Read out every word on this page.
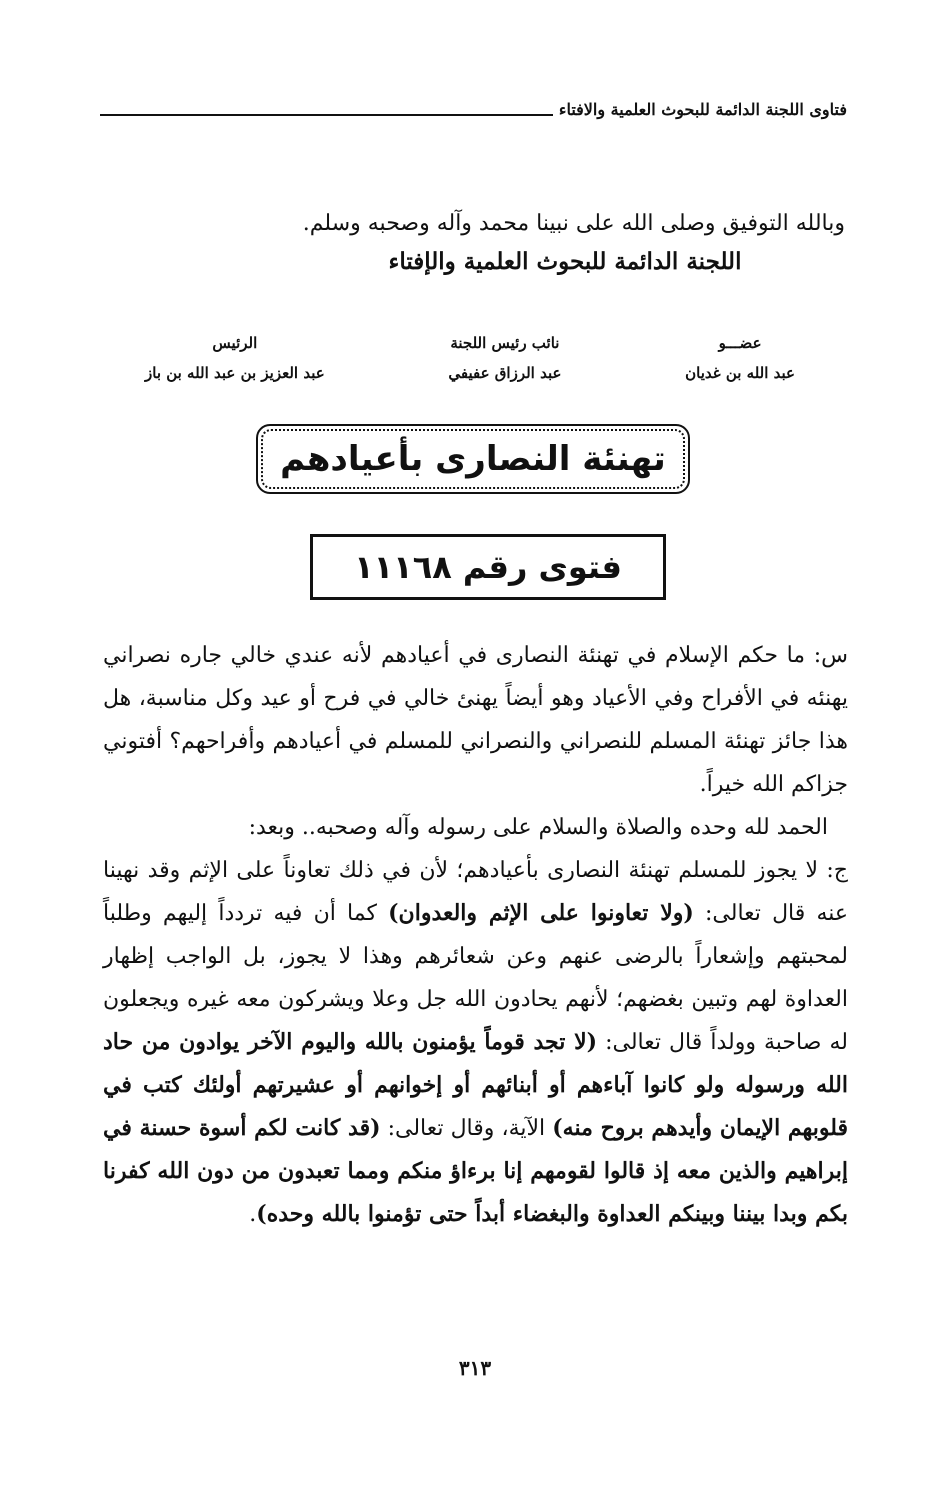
فتاوى اللجنة الدائمة للبحوث العلمية والافتاء
وبالله التوفيق وصلى الله على نبينا محمد وآله وصحبه وسلم.
اللجنة الدائمة للبحوث العلمية والإفتاء
عضـــو
عبد الله بن غديان
نائب رئيس اللجنة
عبد الرزاق عفيفي
الرئيس
عبد العزيز بن عبد الله بن باز
تهنئة النصارى بأعيادهم
فتوى رقم ١١١٦٨

س: ما حكم الإسلام في تهنئة النصارى في أعيادهم لأنه عندي خالي جاره نصراني يهنئه في الأفراح وفي الأعياد وهو أيضاً يهنئ خالي في فرح أو عيد وكل مناسبة، هل هذا جائز تهنئة المسلم للنصراني والنصراني للمسلم في أعيادهم وأفراحهم؟ أفتوني جزاكم الله خيراً.

الحمد لله وحده والصلاة والسلام على رسوله وآله وصحبه.. وبعد:

ج: لا يجوز للمسلم تهنئة النصارى بأعيادهم؛ لأن في ذلك تعاوناً على الإثم وقد نهينا عنه قال تعالى: (ولا تعاونوا على الإثم والعدوان) كما أن فيه تردداً إليهم وطلباً لمحبتهم وإشعاراً بالرضى عنهم وعن شعائرهم وهذا لا يجوز، بل الواجب إظهار العداوة لهم وتبين بغضهم؛ لأنهم يحادون الله جل وعلا ويشركون معه غيره ويجعلون له صاحبة وولداً قال تعالى: (لا تجد قوماً يؤمنون بالله واليوم الآخر يوادون من حاد الله ورسوله ولو كانوا آباءهم أو أبنائهم أو إخوانهم أو عشيرتهم أولئك كتب في قلوبهم الإيمان وأيدهم بروح منه) الآية، وقال تعالى: (قد كانت لكم أسوة حسنة في إبراهيم والذين معه إذ قالوا لقومهم إنا برءاؤ منكم ومما تعبدون من دون الله كفرنا بكم وبدا بيننا وبينكم العداوة والبغضاء أبداً حتى تؤمنوا بالله وحده).

٣١٣
